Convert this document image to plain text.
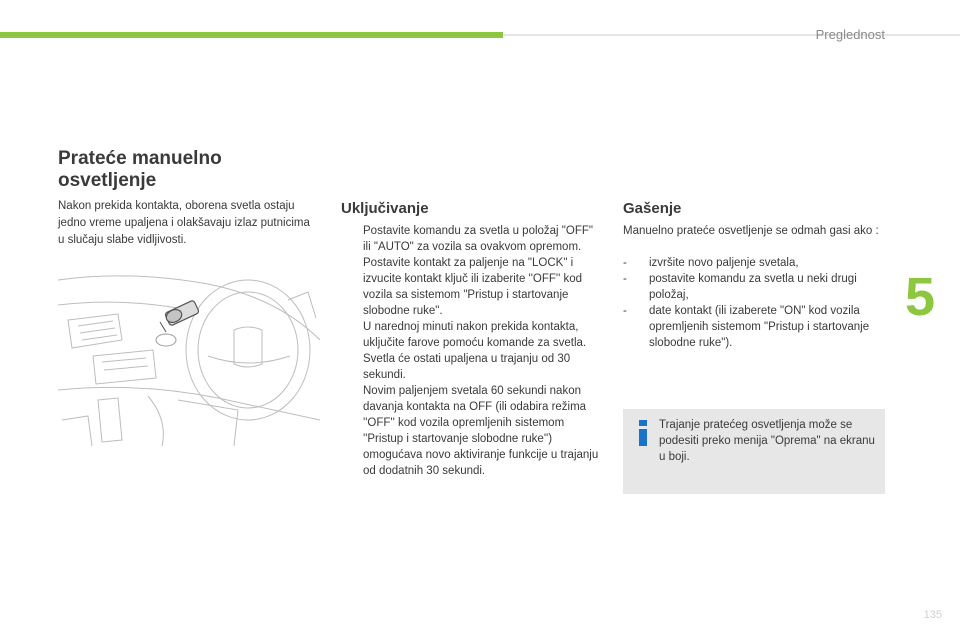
Preglednost
5
135
Prateće manuelno osvetljenje

Nakon prekida kontakta, oborena svetla ostaju jedno vreme upaljena i olakšavaju izlaz putnicima u slučaju slabe vidljivosti.

Uključivanje
Postavite komandu za svetla u položaj "OFF" ili "AUTO" za vozila sa ovakvom opremom.
Postavite kontakt za paljenje na "LOCK" i izvucite kontakt ključ ili izaberite ''OFF'' kod vozila sa sistemom "Pristup i startovanje slobodne ruke".
U narednoj minuti nakon prekida kontakta, uključite farove pomoću komande za svetla.
Svetla će ostati upaljena u trajanju od 30 sekundi.
Novim paljenjem svetala 60 sekundi nakon davanja kontakta na OFF (ili odabira režima ''OFF'' kod vozila opremljenih sistemom ''Pristup i startovanje slobodne ruke'') omogućava novo aktiviranje funkcije u trajanju od dodatnih 30 sekundi.
Gašenje

Manuelno prateće osvetljenje se odmah gasi ako :

- izvršite novo paljenje svetala,
- postavite komandu za svetla u neki drugi položaj,
- date kontakt (ili izaberete "ON" kod vozila opremljenih sistemom "Pristup i startovanje slobodne ruke").

Trajanje pratećeg osvetljenja može se podesiti preko menija "Oprema" na ekranu u boji.
